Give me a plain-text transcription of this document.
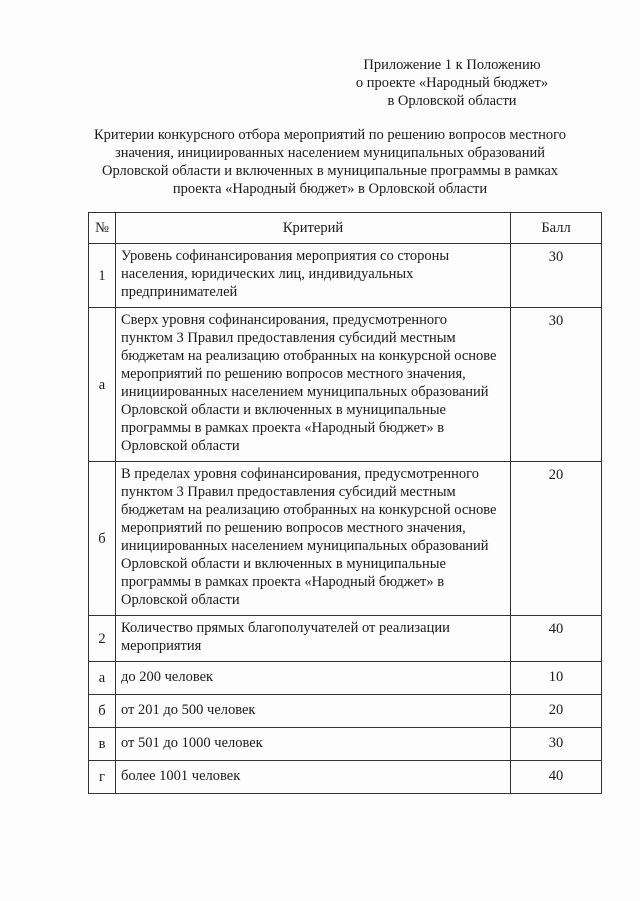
Приложение 1 к Положению
о проекте «Народный бюджет»
в Орловской области
Критерии конкурсного отбора мероприятий по решению вопросов местного
значения, инициированных населением муниципальных образований
Орловской области и включенных в муниципальные программы в рамках
проекта «Народный бюджет» в Орловской области
№	Критерий	Балл
1	Уровень софинансирования мероприятия со стороны населения, юридических лиц, индивидуальных предпринимателей	30
а	Сверх уровня софинансирования, предусмотренного пунктом 3 Правил предоставления субсидий местным бюджетам на реализацию отобранных на конкурсной основе мероприятий по решению вопросов местного значения, инициированных населением муниципальных образований Орловской области и включенных в муниципальные программы в рамках проекта «Народный бюджет» в Орловской области	30
б	В пределах уровня софинансирования, предусмотренного пунктом 3 Правил предоставления субсидий местным бюджетам на реализацию отобранных на конкурсной основе мероприятий по решению вопросов местного значения, инициированных населением муниципальных образований Орловской области и включенных в муниципальные программы в рамках проекта «Народный бюджет» в Орловской области	20
2	Количество прямых благополучателей от реализации мероприятия	40
а	до 200 человек	10
б	от 201 до 500 человек	20
в	от 501 до 1000 человек	30
г	более 1001 человек	40
